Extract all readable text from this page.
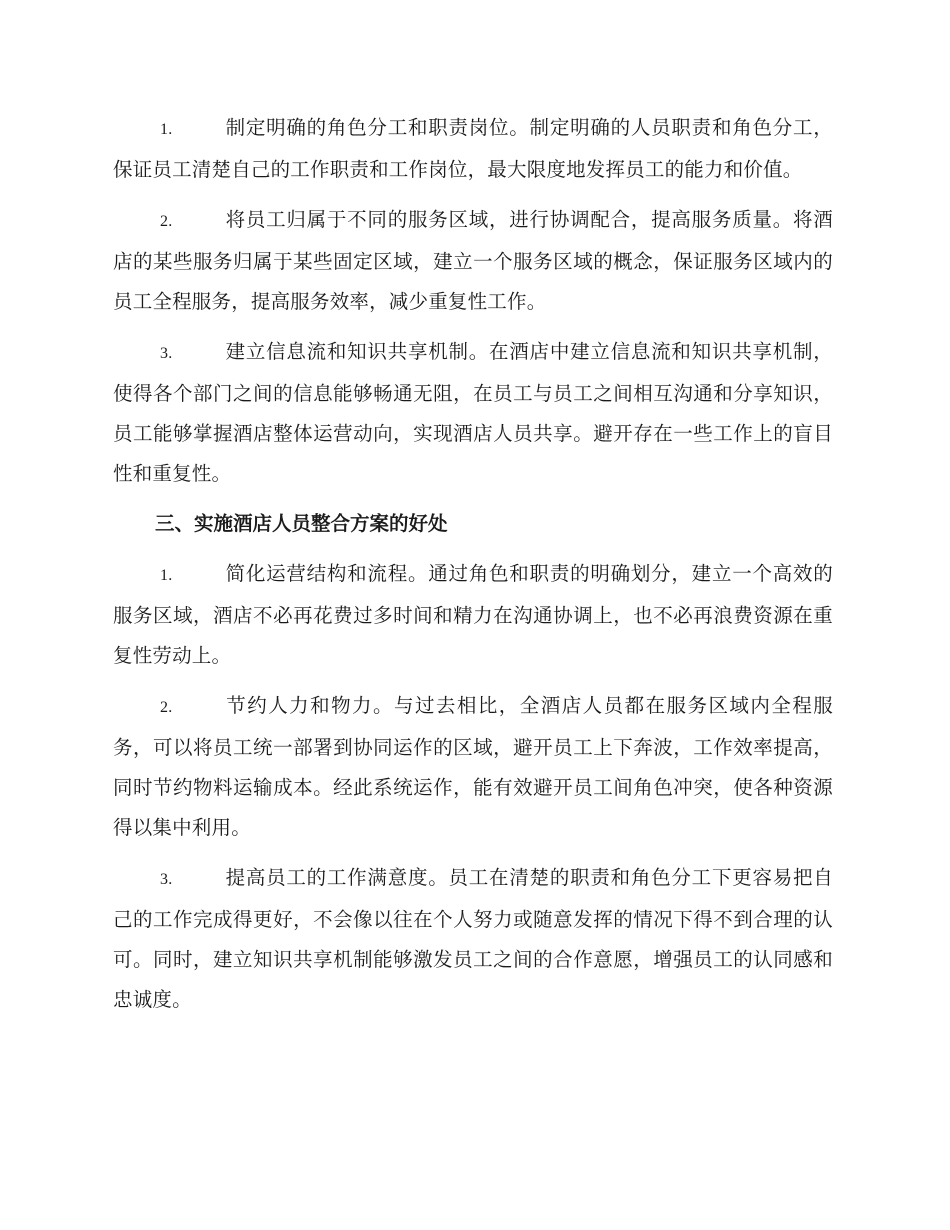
1.	制定明确的角色分工和职责岗位。制定明确的人员职责和角色分工，保证员工清楚自己的工作职责和工作岗位，最大限度地发挥员工的能力和价值。

2.	将员工归属于不同的服务区域，进行协调配合，提高服务质量。将酒店的某些服务归属于某些固定区域，建立一个服务区域的概念，保证服务区域内的员工全程服务，提高服务效率，减少重复性工作。

3.	建立信息流和知识共享机制。在酒店中建立信息流和知识共享机制，使得各个部门之间的信息能够畅通无阻，在员工与员工之间相互沟通和分享知识，员工能够掌握酒店整体运营动向，实现酒店人员共享。避开存在一些工作上的盲目性和重复性。

三、实施酒店人员整合方案的好处

1.	简化运营结构和流程。通过角色和职责的明确划分，建立一个高效的服务区域，酒店不必再花费过多时间和精力在沟通协调上，也不必再浪费资源在重复性劳动上。

2.	节约人力和物力。与过去相比，全酒店人员都在服务区域内全程服务，可以将员工统一部署到协同运作的区域，避开员工上下奔波，工作效率提高，同时节约物料运输成本。经此系统运作，能有效避开员工间角色冲突，使各种资源得以集中利用。

3.	提高员工的工作满意度。员工在清楚的职责和角色分工下更容易把自己的工作完成得更好，不会像以往在个人努力或随意发挥的情况下得不到合理的认可。同时，建立知识共享机制能够激发员工之间的合作意愿，增强员工的认同感和忠诚度。
